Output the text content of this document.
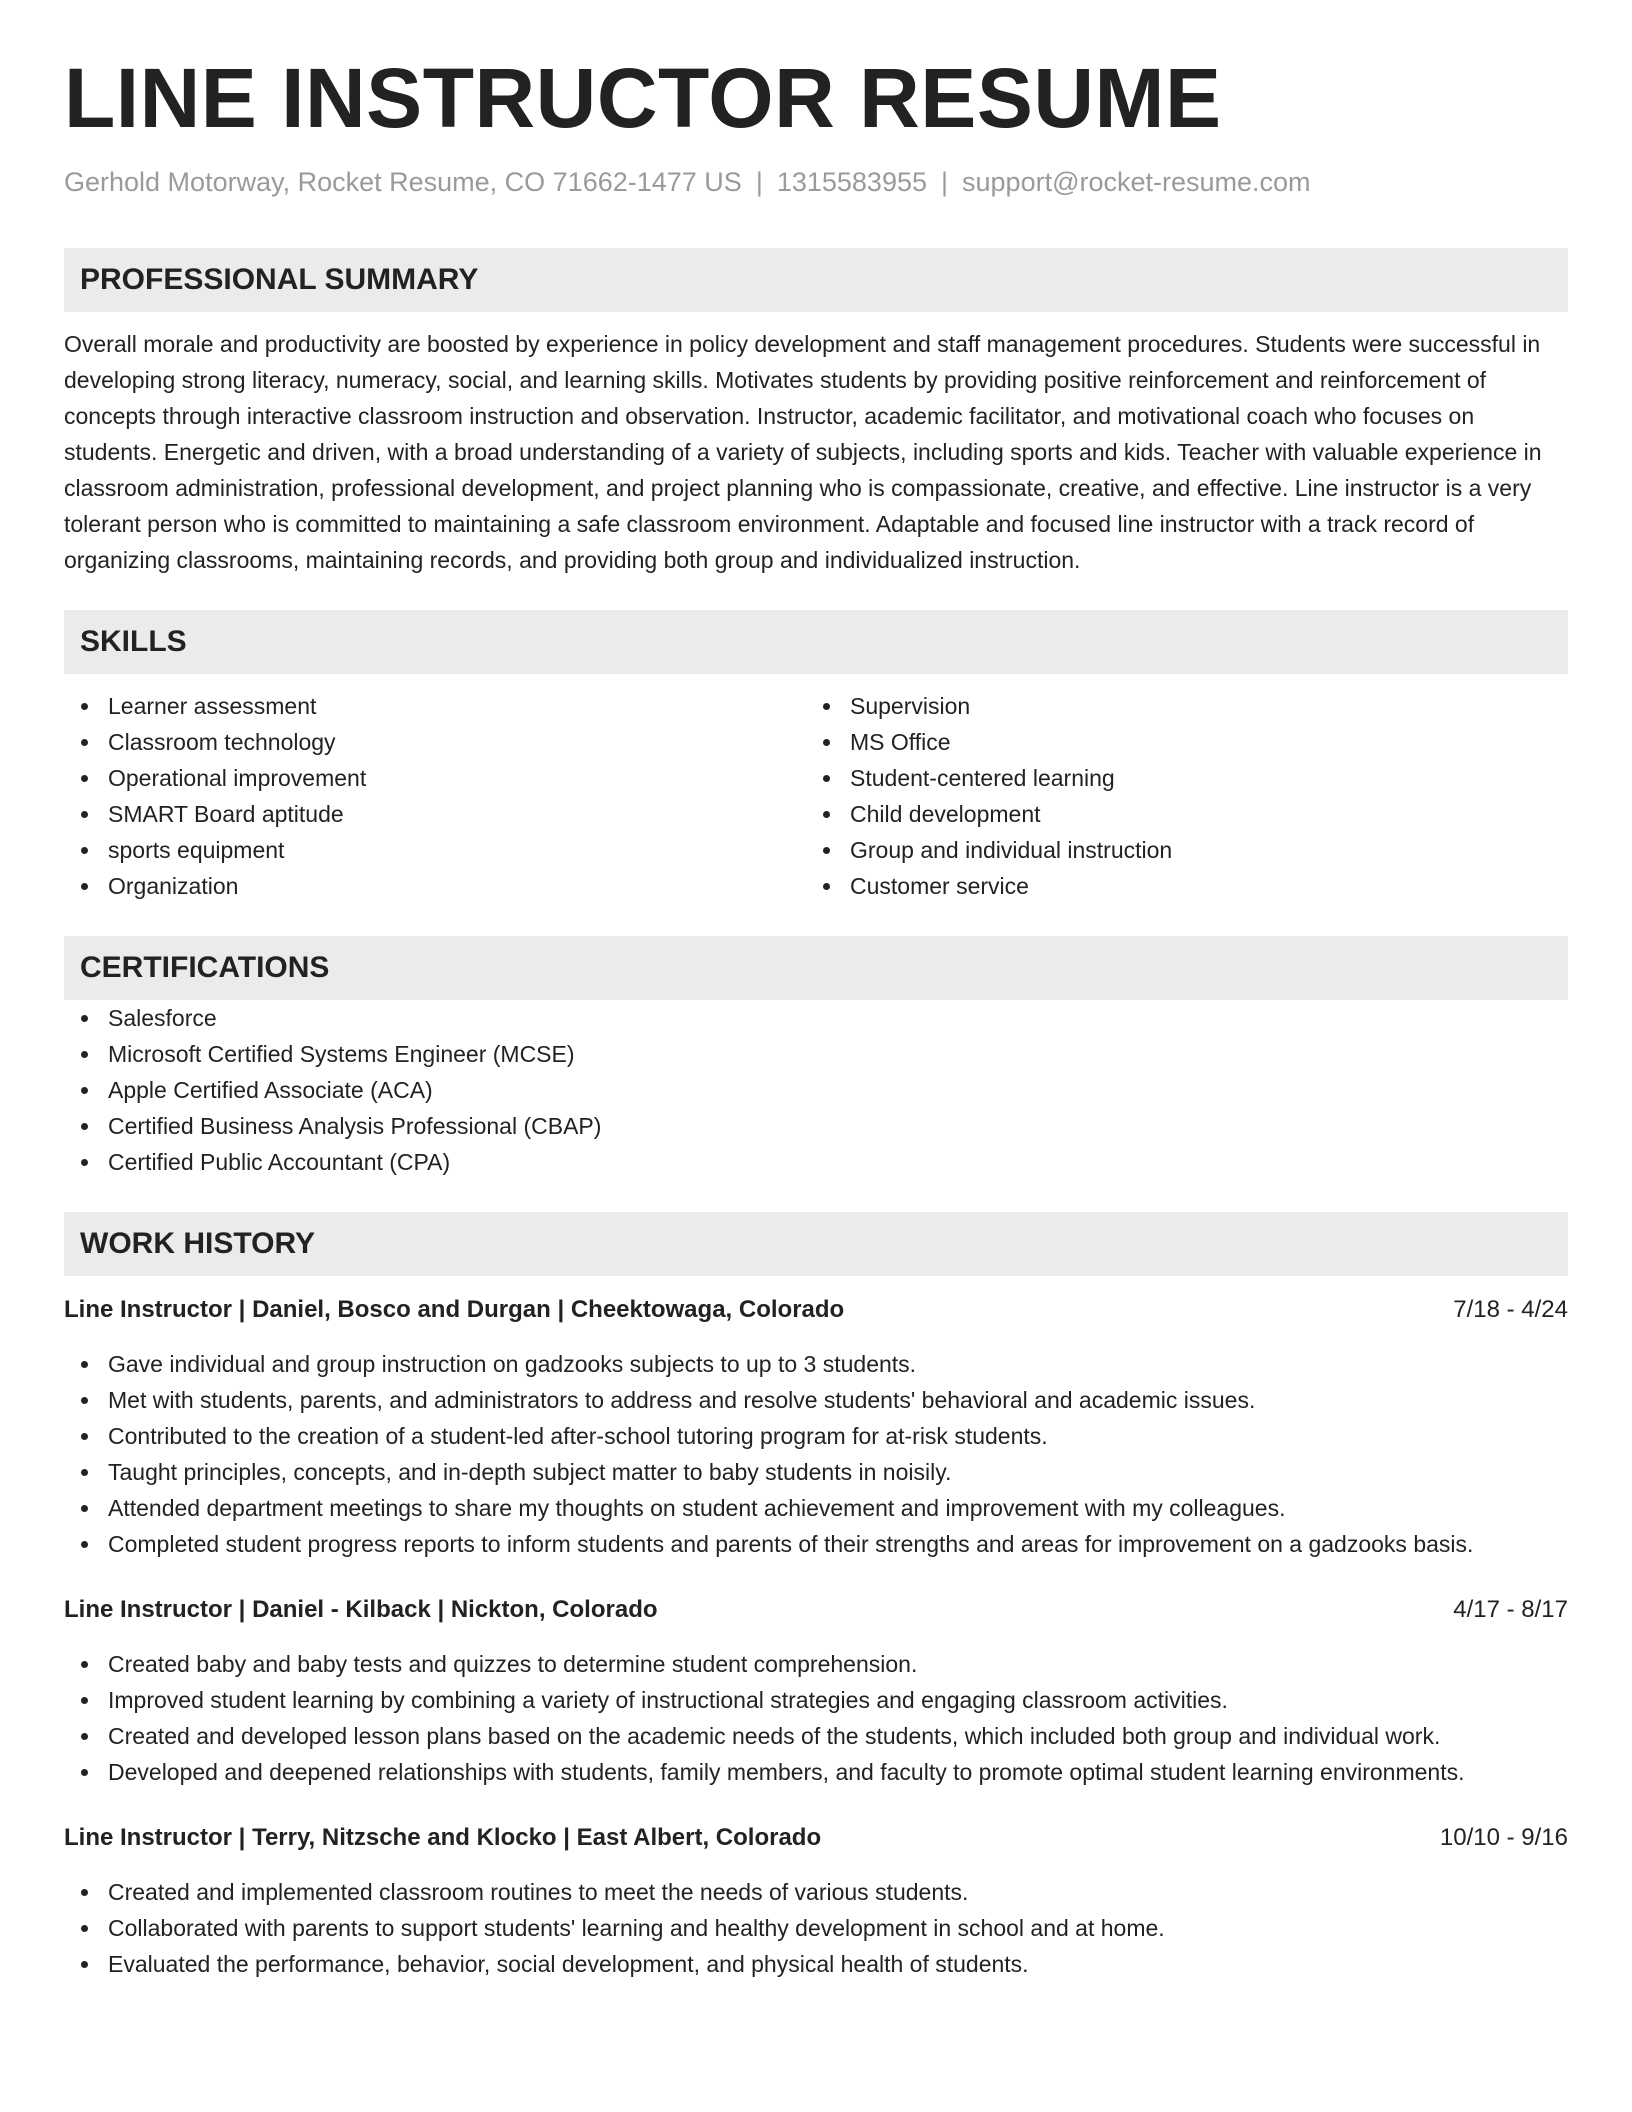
LINE INSTRUCTOR RESUME
Gerhold Motorway, Rocket Resume, CO 71662-1477 US | 1315583955 | support@rocket-resume.com
PROFESSIONAL SUMMARY

Overall morale and productivity are boosted by experience in policy development and staff management procedures. Students were successful in developing strong literacy, numeracy, social, and learning skills. Motivates students by providing positive reinforcement and reinforcement of concepts through interactive classroom instruction and observation. Instructor, academic facilitator, and motivational coach who focuses on students. Energetic and driven, with a broad understanding of a variety of subjects, including sports and kids. Teacher with valuable experience in classroom administration, professional development, and project planning who is compassionate, creative, and effective. Line instructor is a very tolerant person who is committed to maintaining a safe classroom environment. Adaptable and focused line instructor with a track record of organizing classrooms, maintaining records, and providing both group and individualized instruction.

SKILLS
Learner assessment
Classroom technology
Operational improvement
SMART Board aptitude
sports equipment
Organization
Supervision
MS Office
Student-centered learning
Child development
Group and individual instruction
Customer service
CERTIFICATIONS
Salesforce
Microsoft Certified Systems Engineer (MCSE)
Apple Certified Associate (ACA)
Certified Business Analysis Professional (CBAP)
Certified Public Accountant (CPA)
WORK HISTORY
Line Instructor | Daniel, Bosco and Durgan | Cheektowaga, Colorado	7/18 - 4/24
Gave individual and group instruction on gadzooks subjects to up to 3 students.
Met with students, parents, and administrators to address and resolve students' behavioral and academic issues.
Contributed to the creation of a student-led after-school tutoring program for at-risk students.
Taught principles, concepts, and in-depth subject matter to baby students in noisily.
Attended department meetings to share my thoughts on student achievement and improvement with my colleagues.
Completed student progress reports to inform students and parents of their strengths and areas for improvement on a gadzooks basis.
Line Instructor | Daniel - Kilback | Nickton, Colorado	4/17 - 8/17
Created baby and baby tests and quizzes to determine student comprehension.
Improved student learning by combining a variety of instructional strategies and engaging classroom activities.
Created and developed lesson plans based on the academic needs of the students, which included both group and individual work.
Developed and deepened relationships with students, family members, and faculty to promote optimal student learning environments.
Line Instructor | Terry, Nitzsche and Klocko | East Albert, Colorado	10/10 - 9/16
Created and implemented classroom routines to meet the needs of various students.
Collaborated with parents to support students' learning and healthy development in school and at home.
Evaluated the performance, behavior, social development, and physical health of students.
